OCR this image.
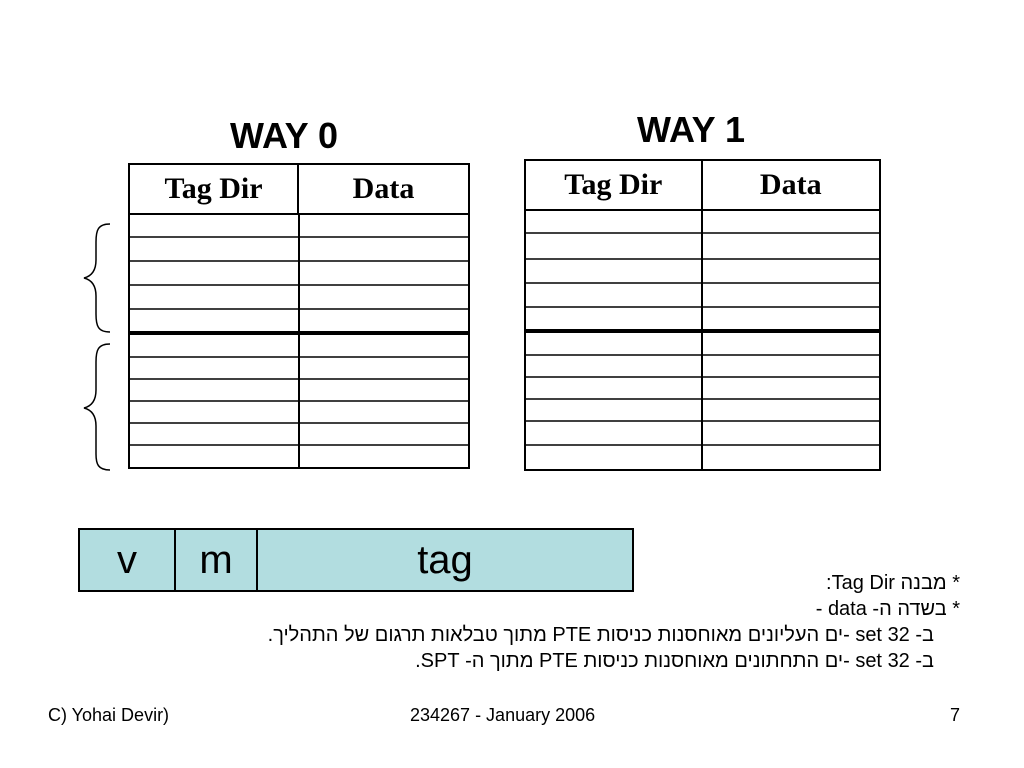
WAY 0
Tag Dir	Data
WAY 1
Tag Dir	Data
v	m	tag
* מבנה Tag Dir:
* בשדה ה- data -
ב- 32 set -ים העליונים מאוחסנות כניסות PTE מתוך טבלאות תרגום של התהליך.
ב- 32 set -ים התחתונים מאוחסנות כניסות PTE מתוך ה- SPT.
C) Yohai Devir)	234267 - January 2006	7
